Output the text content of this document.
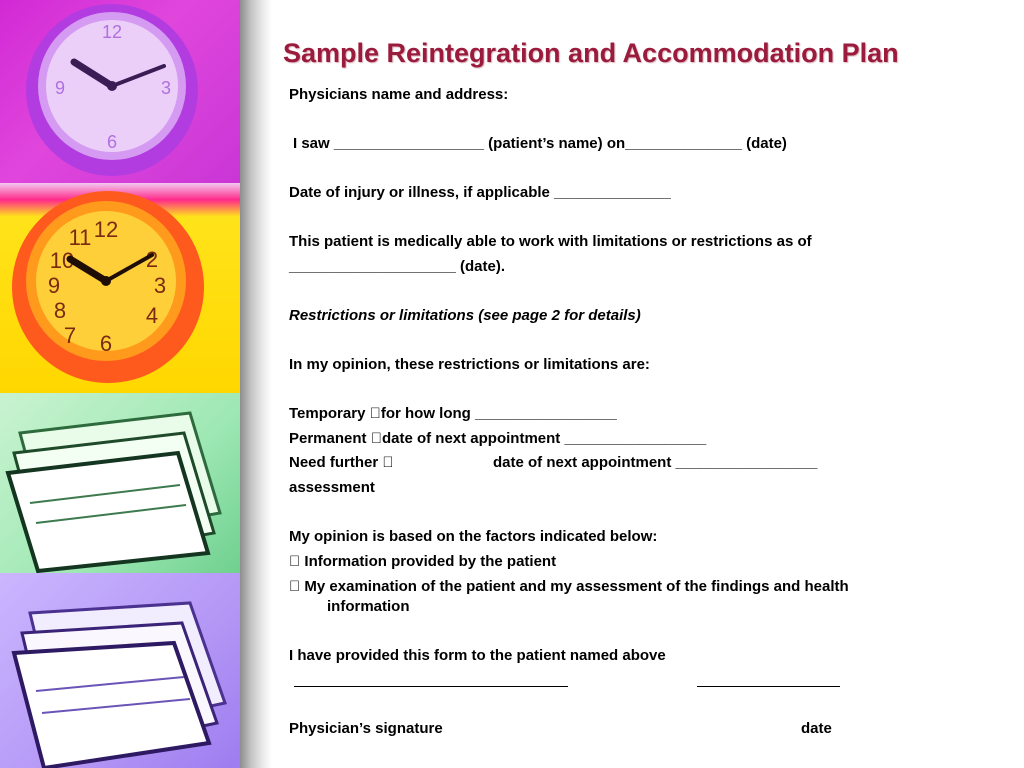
12
3
6
9
12
2
3
4
6
7
8
9
10
11
Sample Reintegration and Accommodation Plan
Physicians name and address:
I saw __________________ (patient’s name) on______________ (date)
Date of injury or illness, if applicable ______________
This patient is medically able to work with limitations or restrictions as of
____________________ (date).
Restrictions or limitations (see page 2 for details)
In my opinion, these restrictions or limitations are:
Temporary  for how long _________________
Permanent  date of next appointment _________________
Need further  	date of next appointment _________________
assessment
My opinion is based on the factors indicated below:
  Information provided by the patient
  My examination of the patient and my assessment of the findings and health
information
I have provided this form to the patient named above
Physician’s signature	date
